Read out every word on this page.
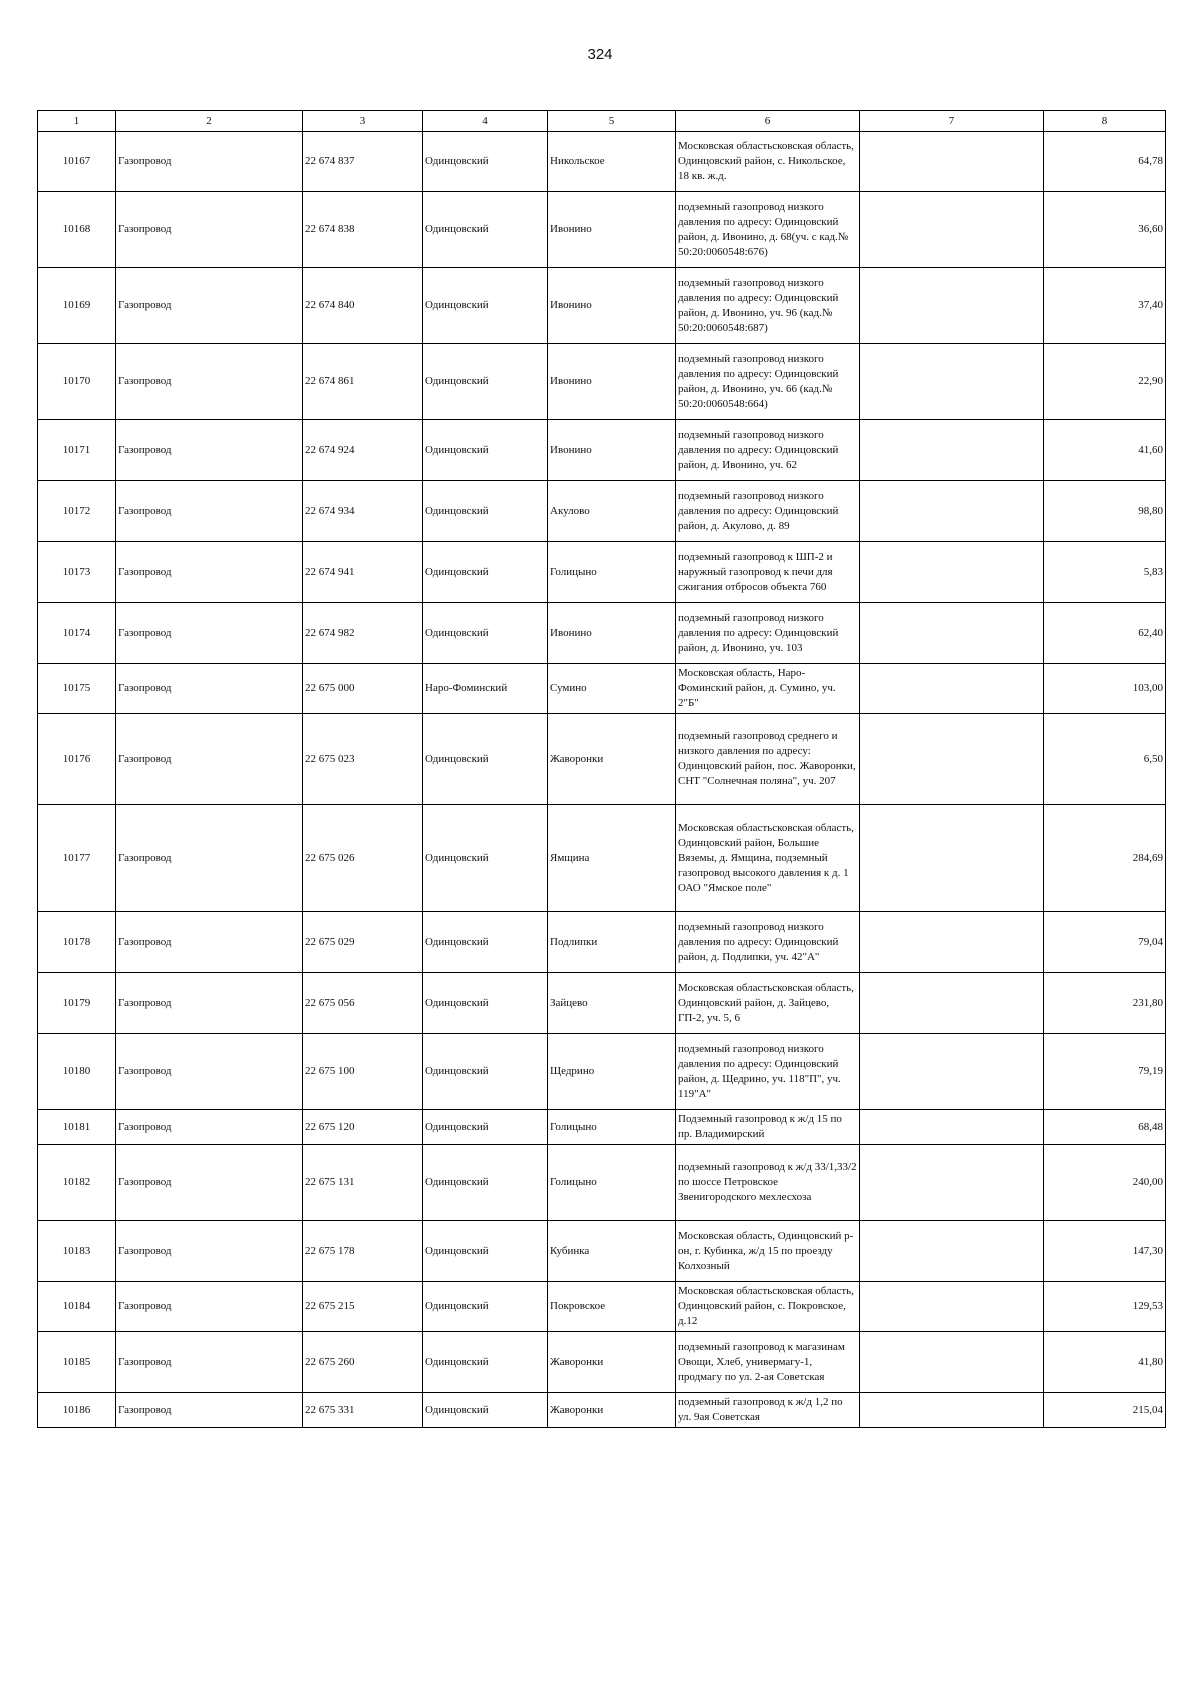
324
1	2	3	4	5	6	7	8
10167	Газопровод	22 674 837	Одинцовский	Никольское	Московская областьсковская область, Одинцовский район, с. Никольское, 18 кв. ж.д.		64,78
10168	Газопровод	22 674 838	Одинцовский	Ивонино	подземный газопровод низкого давления по адресу: Одинцовский район, д. Ивонино, д. 68(уч. с кад.№ 50:20:0060548:676)		36,60
10169	Газопровод	22 674 840	Одинцовский	Ивонино	подземный газопровод низкого давления по адресу: Одинцовский район, д. Ивонино, уч. 96 (кад.№ 50:20:0060548:687)		37,40
10170	Газопровод	22 674 861	Одинцовский	Ивонино	подземный газопровод низкого давления по адресу: Одинцовский район, д. Ивонино, уч. 66 (кад.№ 50:20:0060548:664)		22,90
10171	Газопровод	22 674 924	Одинцовский	Ивонино	подземный газопровод низкого давления по адресу: Одинцовский район, д. Ивонино, уч. 62		41,60
10172	Газопровод	22 674 934	Одинцовский	Акулово	подземный газопровод низкого давления по адресу: Одинцовский район, д. Акулово, д. 89		98,80
10173	Газопровод	22 674 941	Одинцовский	Голицыно	подземный газопровод к ШП-2 и наружный газопровод к печи для сжигания отбросов объекта 760		5,83
10174	Газопровод	22 674 982	Одинцовский	Ивонино	подземный газопровод низкого давления по адресу: Одинцовский район, д. Ивонино, уч. 103		62,40
10175	Газопровод	22 675 000	Наро-Фоминский	Сумино	Московская область, Наро-Фоминский район, д. Сумино, уч. 2"Б"		103,00
10176	Газопровод	22 675 023	Одинцовский	Жаворонки	подземный газопровод среднего и низкого давления по адресу: Одинцовский район, пос. Жаворонки, СНТ "Солнечная поляна", уч. 207		6,50
10177	Газопровод	22 675 026	Одинцовский	Ямщина	Московская областьсковская область, Одинцовский район, Большие Вяземы, д. Ямщина, подземный газопровод высокого давления к д. 1 ОАО "Ямское поле"		284,69
10178	Газопровод	22 675 029	Одинцовский	Подлипки	подземный газопровод низкого давления по адресу: Одинцовский район, д. Подлипки, уч. 42"А"		79,04
10179	Газопровод	22 675 056	Одинцовский	Зайцево	Московская областьсковская область, Одинцовский район, д. Зайцево, ГП-2, уч. 5, 6		231,80
10180	Газопровод	22 675 100	Одинцовский	Щедрино	подземный газопровод низкого давления по адресу: Одинцовский район, д. Щедрино, уч. 118"П", уч. 119"А"		79,19
10181	Газопровод	22 675 120	Одинцовский	Голицыно	Подземный газопровод к ж/д 15 по пр. Владимирский		68,48
10182	Газопровод	22 675 131	Одинцовский	Голицыно	подземный газопровод к ж/д 33/1,33/2 по шоссе Петровское Звенигородского мехлесхоза		240,00
10183	Газопровод	22 675 178	Одинцовский	Кубинка	Московская область, Одинцовский р-он, г. Кубинка, ж/д 15 по проезду Колхозный		147,30
10184	Газопровод	22 675 215	Одинцовский	Покровское	Московская областьсковская область, Одинцовский район, с. Покровское, д.12		129,53
10185	Газопровод	22 675 260	Одинцовский	Жаворонки	подземный газопровод к магазинам Овощи, Хлеб, универмагу-1, продмагу по ул. 2-ая Советская		41,80
10186	Газопровод	22 675 331	Одинцовский	Жаворонки	подземный газопровод к ж/д 1,2 по ул. 9ая Советская		215,04
